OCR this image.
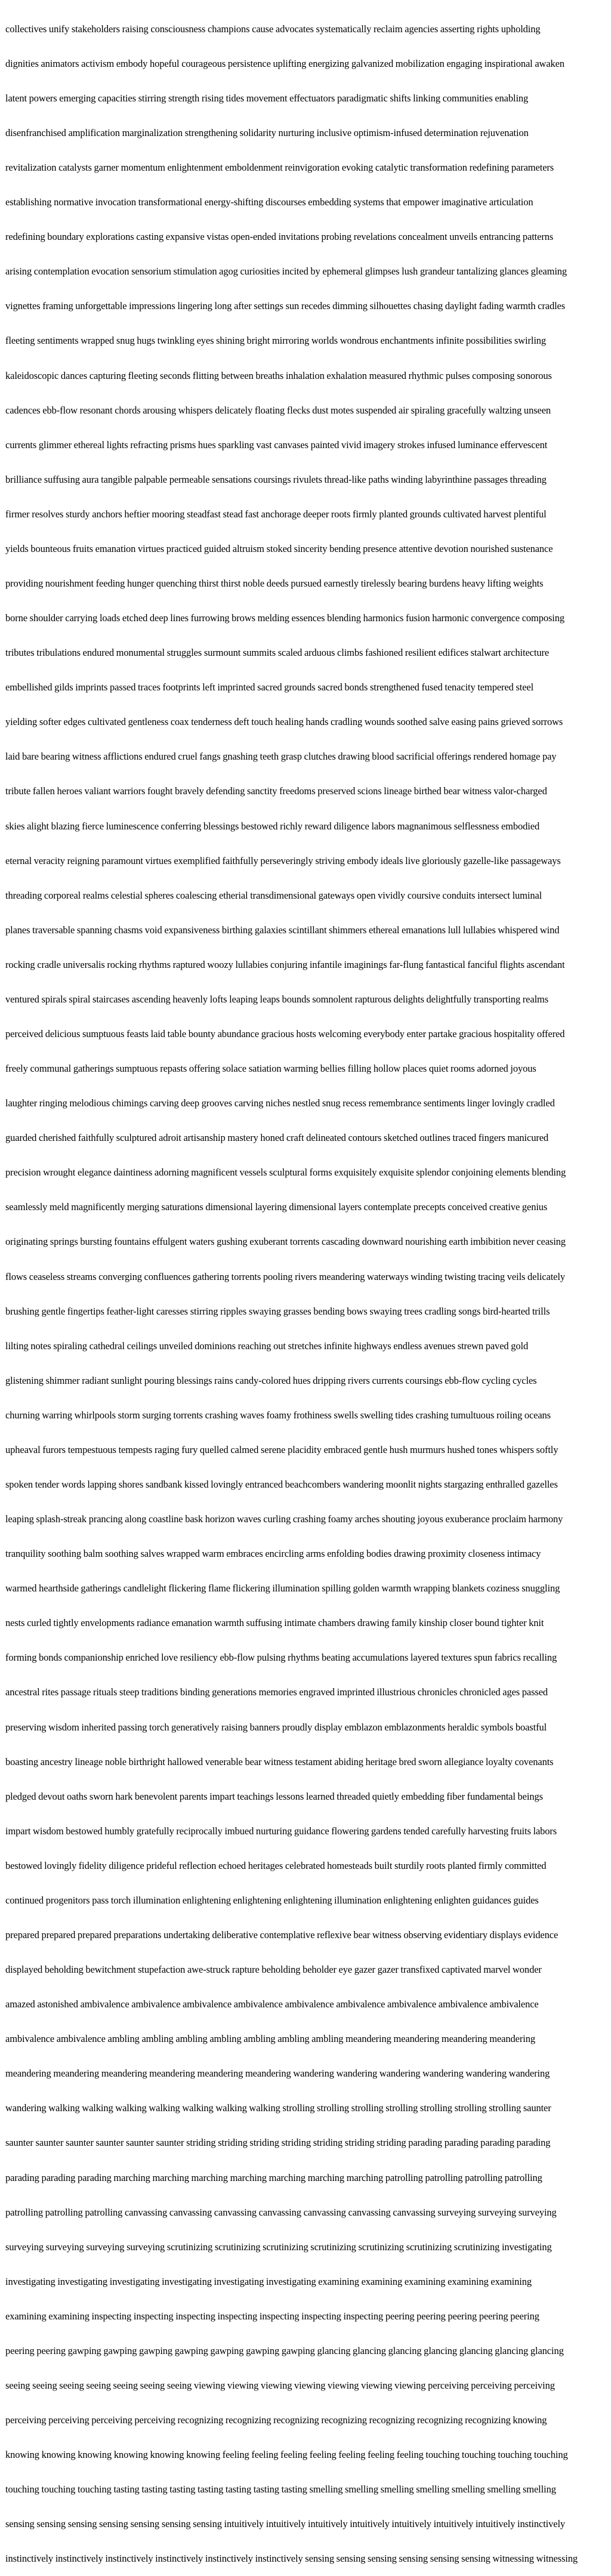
collectives unify stakeholders raising consciousness champions cause advocates systematically reclaim agencies asserting rights upholding

dignities animators activism embody hopeful courageous persistence uplifting energizing galvanized mobilization engaging inspirational awaken

latent powers emerging capacities stirring strength rising tides movement effectuators paradigmatic shifts linking communities enabling

disenfranchised amplification marginalization strengthening solidarity nurturing inclusive optimism-infused determination rejuvenation

revitalization catalysts garner momentum enlightenment emboldenment reinvigoration evoking catalytic transformation redefining parameters

establishing normative invocation transformational energy-shifting discourses embedding systems that empower imaginative articulation

redefining boundary explorations casting expansive vistas open-ended invitations probing revelations concealment unveils entrancing patterns

arising contemplation evocation sensorium stimulation agog curiosities incited by ephemeral glimpses lush grandeur tantalizing glances gleaming

vignettes framing unforgettable impressions lingering long after settings sun recedes dimming silhouettes chasing daylight fading warmth cradles

fleeting sentiments wrapped snug hugs twinkling eyes shining bright mirroring worlds wondrous enchantments infinite possibilities swirling

kaleidoscopic dances capturing fleeting seconds flitting between breaths inhalation exhalation measured rhythmic pulses composing sonorous

cadences ebb-flow resonant chords arousing whispers delicately floating flecks dust motes suspended air spiraling gracefully waltzing unseen

currents glimmer ethereal lights refracting prisms hues sparkling vast canvases painted vivid imagery strokes infused luminance effervescent

brilliance suffusing aura tangible palpable permeable sensations coursings rivulets thread-like paths winding labyrinthine passages threading

firmer resolves sturdy anchors heftier mooring steadfast stead fast anchorage deeper roots firmly planted grounds cultivated harvest plentiful

yields bounteous fruits emanation virtues practiced guided altruism stoked sincerity bending presence attentive devotion nourished sustenance

providing nourishment feeding hunger quenching thirst thirst noble deeds pursued earnestly tirelessly bearing burdens heavy lifting weights

borne shoulder carrying loads etched deep lines furrowing brows melding essences blending harmonics fusion harmonic convergence composing

tributes tribulations endured monumental struggles surmount summits scaled arduous climbs fashioned resilient edifices stalwart architecture

embellished gilds imprints passed traces footprints left imprinted sacred grounds sacred bonds strengthened fused tenacity tempered steel

yielding softer edges cultivated gentleness coax tenderness deft touch healing hands cradling wounds soothed salve easing pains grieved sorrows

laid bare bearing witness afflictions endured cruel fangs gnashing teeth grasp clutches drawing blood sacrificial offerings rendered homage pay

tribute fallen heroes valiant warriors fought bravely defending sanctity freedoms preserved scions lineage birthed bear witness valor-charged

skies alight blazing fierce luminescence conferring blessings bestowed richly reward diligence labors magnanimous selflessness embodied

eternal veracity reigning paramount virtues exemplified faithfully perseveringly striving embody ideals live gloriously gazelle-like passageways

threading corporeal realms celestial spheres coalescing etherial transdimensional gateways open vividly coursive conduits intersect luminal

planes traversable spanning chasms void expansiveness birthing galaxies scintillant shimmers ethereal emanations lull lullabies whispered wind

rocking cradle universalis rocking rhythms raptured woozy lullabies conjuring infantile imaginings far-flung fantastical fanciful flights ascendant

ventured spirals spiral staircases ascending heavenly lofts leaping leaps bounds somnolent rapturous delights delightfully transporting realms

perceived delicious sumptuous feasts laid table bounty abundance gracious hosts welcoming everybody enter partake gracious hospitality offered

freely communal gatherings sumptuous repasts offering solace satiation warming bellies filling hollow places quiet rooms adorned joyous

laughter ringing melodious chimings carving deep grooves carving niches nestled snug recess remembrance sentiments linger lovingly cradled

guarded cherished faithfully sculptured adroit artisanship mastery honed craft delineated contours sketched outlines traced fingers manicured

precision wrought elegance daintiness adorning magnificent vessels sculptural forms exquisitely exquisite splendor conjoining elements blending

seamlessly meld magnificently merging saturations dimensional layering dimensional layers contemplate precepts conceived creative genius

originating springs bursting fountains effulgent waters gushing exuberant torrents cascading downward nourishing earth imbibition never ceasing

flows ceaseless streams converging confluences gathering torrents pooling rivers meandering waterways winding twisting tracing veils delicately

brushing gentle fingertips feather-light caresses stirring ripples swaying grasses bending bows swaying trees cradling songs bird-hearted trills

lilting notes spiraling cathedral ceilings unveiled dominions reaching out stretches infinite highways endless avenues strewn paved gold

glistening shimmer radiant sunlight pouring blessings rains candy-colored hues dripping rivers currents coursings ebb-flow cycling cycles

churning warring whirlpools storm surging torrents crashing waves foamy frothiness swells swelling tides crashing tumultuous roiling oceans

upheaval furors tempestuous tempests raging fury quelled calmed serene placidity embraced gentle hush murmurs hushed tones whispers softly

spoken tender words lapping shores sandbank kissed lovingly entranced beachcombers wandering moonlit nights stargazing enthralled gazelles

leaping splash-streak prancing along coastline bask horizon waves curling crashing foamy arches shouting joyous exuberance proclaim harmony

tranquility soothing balm soothing salves wrapped warm embraces encircling arms enfolding bodies drawing proximity closeness intimacy

warmed hearthside gatherings candlelight flickering flame flickering illumination spilling golden warmth wrapping blankets coziness snuggling

nests curled tightly envelopments radiance emanation warmth suffusing intimate chambers drawing family kinship closer bound tighter knit

forming bonds companionship enriched love resiliency ebb-flow pulsing rhythms beating accumulations layered textures spun fabrics recalling

ancestral rites passage rituals steep traditions binding generations memories engraved imprinted illustrious chronicles chronicled ages passed

preserving wisdom inherited passing torch generatively raising banners proudly display emblazon emblazonments heraldic symbols boastful

boasting ancestry lineage noble birthright hallowed venerable bear witness testament abiding heritage bred sworn allegiance loyalty covenants

pledged devout oaths sworn hark benevolent parents impart teachings lessons learned threaded quietly embedding fiber fundamental beings

impart wisdom bestowed humbly gratefully reciprocally imbued nurturing guidance flowering gardens tended carefully harvesting fruits labors

bestowed lovingly fidelity diligence prideful reflection echoed heritages celebrated homesteads built sturdily roots planted firmly committed

continued progenitors pass torch illumination enlightening enlightening enlightening illumination enlightening enlighten guidances guides

prepared prepared prepared preparations undertaking deliberative contemplative reflexive bear witness observing evidentiary displays evidence

displayed beholding bewitchment stupefaction awe-struck rapture beholding beholder eye gazer gazer transfixed captivated marvel wonder

amazed astonished ambivalence ambivalence ambivalence ambivalence ambivalence ambivalence ambivalence ambivalence ambivalence

ambivalence ambivalence ambling ambling ambling ambling ambling ambling ambling meandering meandering meandering meandering

meandering meandering meandering meandering meandering meandering wandering wandering wandering wandering wandering wandering

wandering walking walking walking walking walking walking walking strolling strolling strolling strolling strolling strolling strolling saunter

saunter saunter saunter saunter saunter saunter striding striding striding striding striding striding striding parading parading parading parading

parading parading parading marching marching marching marching marching marching marching patrolling patrolling patrolling patrolling

patrolling patrolling patrolling canvassing canvassing canvassing canvassing canvassing canvassing canvassing surveying surveying surveying

surveying surveying surveying surveying scrutinizing scrutinizing scrutinizing scrutinizing scrutinizing scrutinizing scrutinizing investigating

investigating investigating investigating investigating investigating investigating examining examining examining examining examining

examining examining inspecting inspecting inspecting inspecting inspecting inspecting inspecting peering peering peering peering peering

peering peering gawping gawping gawping gawping gawping gawping gawping glancing glancing glancing glancing glancing glancing glancing

seeing seeing seeing seeing seeing seeing seeing viewing viewing viewing viewing viewing viewing viewing perceiving perceiving perceiving

perceiving perceiving perceiving perceiving recognizing recognizing recognizing recognizing recognizing recognizing recognizing knowing

knowing knowing knowing knowing knowing knowing feeling feeling feeling feeling feeling feeling feeling touching touching touching touching

touching touching touching tasting tasting tasting tasting tasting tasting tasting smelling smelling smelling smelling smelling smelling smelling

sensing sensing sensing sensing sensing sensing sensing intuitively intuitively intuitively intuitively intuitively intuitively intuitively instinctively

instinctively instinctively instinctively instinctively instinctively instinctively sensing sensing sensing sensing sensing sensing witnessing witnessing
